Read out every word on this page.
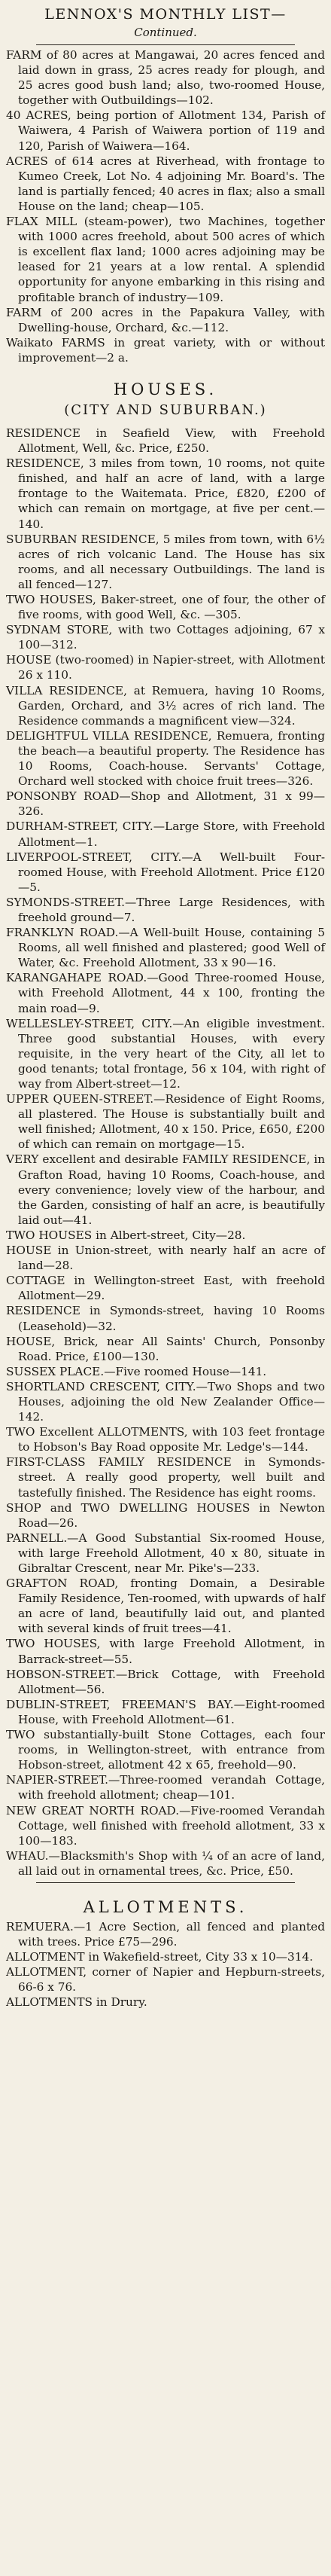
LENNOX'S MONTHLY LIST—
Continued.

FARM of 80 acres at Mangawai, 20 acres fenced and laid down in grass, 25 acres ready for plough, and 25 acres good bush land; also, two-roomed House, together with Outbuildings—102.

40 ACRES, being portion of Allotment 134, Parish of Waiwera, 4 Parish of Waiwera portion of 119 and 120, Parish of Waiwera—164.

ACRES of 614 acres at Riverhead, with frontage to Kumeo Creek, Lot No. 4 adjoining Mr. Board's. The land is partially fenced; 40 acres in flax; also a small House on the land; cheap—105.

FLAX MILL (steam-power), two Machines, together with 1000 acres freehold, about 500 acres of which is excellent flax land; 1000 acres adjoining may be leased for 21 years at a low rental. A splendid opportunity for anyone embarking in this rising and profitable branch of industry—109.

FARM of 200 acres in the Papakura Valley, with Dwelling-house, Orchard, &c.—112.

Waikato FARMS in great variety, with or without improvement—2 a.

HOUSES.
(CITY AND SUBURBAN.)

RESIDENCE in Seafield View, with Freehold Allotment, Well, &c. Price, £250.

RESIDENCE, 3 miles from town, 10 rooms, not quite finished, and half an acre of land, with a large frontage to the Waitemata. Price, £820, £200 of which can remain on mortgage, at five per cent.—140.

SUBURBAN RESIDENCE, 5 miles from town, with 6½ acres of rich volcanic Land. The House has six rooms, and all necessary Outbuildings. The land is all fenced—127.

TWO HOUSES, Baker-street, one of four, the other of five rooms, with good Well, &c. —305.

SYDNAM STORE, with two Cottages adjoining, 67 x 100—312.

HOUSE (two-roomed) in Napier-street, with Allotment 26 x 110.

VILLA RESIDENCE, at Remuera, having 10 Rooms, Garden, Orchard, and 3½ acres of rich land. The Residence commands a magnificent view—324.

DELIGHTFUL VILLA RESIDENCE, Remuera, fronting the beach—a beautiful property. The Residence has 10 Rooms, Coach-house. Servants' Cottage, Orchard well stocked with choice fruit trees—326.

PONSONBY ROAD—Shop and Allotment, 31 x 99—326.

DURHAM-STREET, CITY.—Large Store, with Freehold Allotment—1.

LIVERPOOL-STREET, CITY.—A Well-built Four-roomed House, with Freehold Allotment. Price £120—5.

SYMONDS-STREET.—Three Large Residences, with freehold ground—7.

FRANKLYN ROAD.—A Well-built House, containing 5 Rooms, all well finished and plastered; good Well of Water, &c. Freehold Allotment, 33 x 90—16.

KARANGAHAPE ROAD.—Good Three-roomed House, with Freehold Allotment, 44 x 100, fronting the main road—9.

WELLESLEY-STREET, CITY.—An eligible investment. Three good substantial Houses, with every requisite, in the very heart of the City, all let to good tenants; total frontage, 56 x 104, with right of way from Albert-street—12.

UPPER QUEEN-STREET.—Residence of Eight Rooms, all plastered. The House is substantially built and well finished; Allotment, 40 x 150. Price, £650, £200 of which can remain on mortgage—15.

VERY excellent and desirable FAMILY RESIDENCE, in Grafton Road, having 10 Rooms, Coach-house, and every convenience; lovely view of the harbour, and the Garden, consisting of half an acre, is beautifully laid out—41.

TWO HOUSES in Albert-street, City—28.

HOUSE in Union-street, with nearly half an acre of land—28.

COTTAGE in Wellington-street East, with freehold Allotment—29.

RESIDENCE in Symonds-street, having 10 Rooms (Leasehold)—32.

HOUSE, Brick, near All Saints' Church, Ponsonby Road. Price, £100—130.

SUSSEX PLACE.—Five roomed House—141.

SHORTLAND CRESCENT, CITY.—Two Shops and two Houses, adjoining the old New Zealander Office—142.

TWO Excellent ALLOTMENTS, with 103 feet frontage to Hobson's Bay Road opposite Mr. Ledge's—144.

FIRST-CLASS FAMILY RESIDENCE in Symonds-street. A really good property, well built and tastefully finished. The Residence has eight rooms.

SHOP and TWO DWELLING HOUSES in Newton Road—26.

PARNELL.—A Good Substantial Six-roomed House, with large Freehold Allotment, 40 x 80, situate in Gibraltar Crescent, near Mr. Pike's—233.

GRAFTON ROAD, fronting Domain, a Desirable Family Residence, Ten-roomed, with upwards of half an acre of land, beautifully laid out, and planted with several kinds of fruit trees—41.

TWO HOUSES, with large Freehold Allotment, in Barrack-street—55.

HOBSON-STREET.—Brick Cottage, with Freehold Allotment—56.

DUBLIN-STREET, FREEMAN'S BAY.—Eight-roomed House, with Freehold Allotment—61.

TWO substantially-built Stone Cottages, each four rooms, in Wellington-street, with entrance from Hobson-street, allotment 42 x 65, freehold—90.

NAPIER-STREET.—Three-roomed verandah Cottage, with freehold allotment; cheap—101.

NEW GREAT NORTH ROAD.—Five-roomed Verandah Cottage, well finished with freehold allotment, 33 x 100—183.

WHAU.—Blacksmith's Shop with ¼ of an acre of land, all laid out in ornamental trees, &c. Price, £50.

ALLOTMENTS.

REMUERA.—1 Acre Section, all fenced and planted with trees. Price £75—296.

ALLOTMENT in Wakefield-street, City 33 x 10—314.

ALLOTMENT, corner of Napier and Hepburn-streets, 66-6 x 76.

ALLOTMENTS in Drury.
